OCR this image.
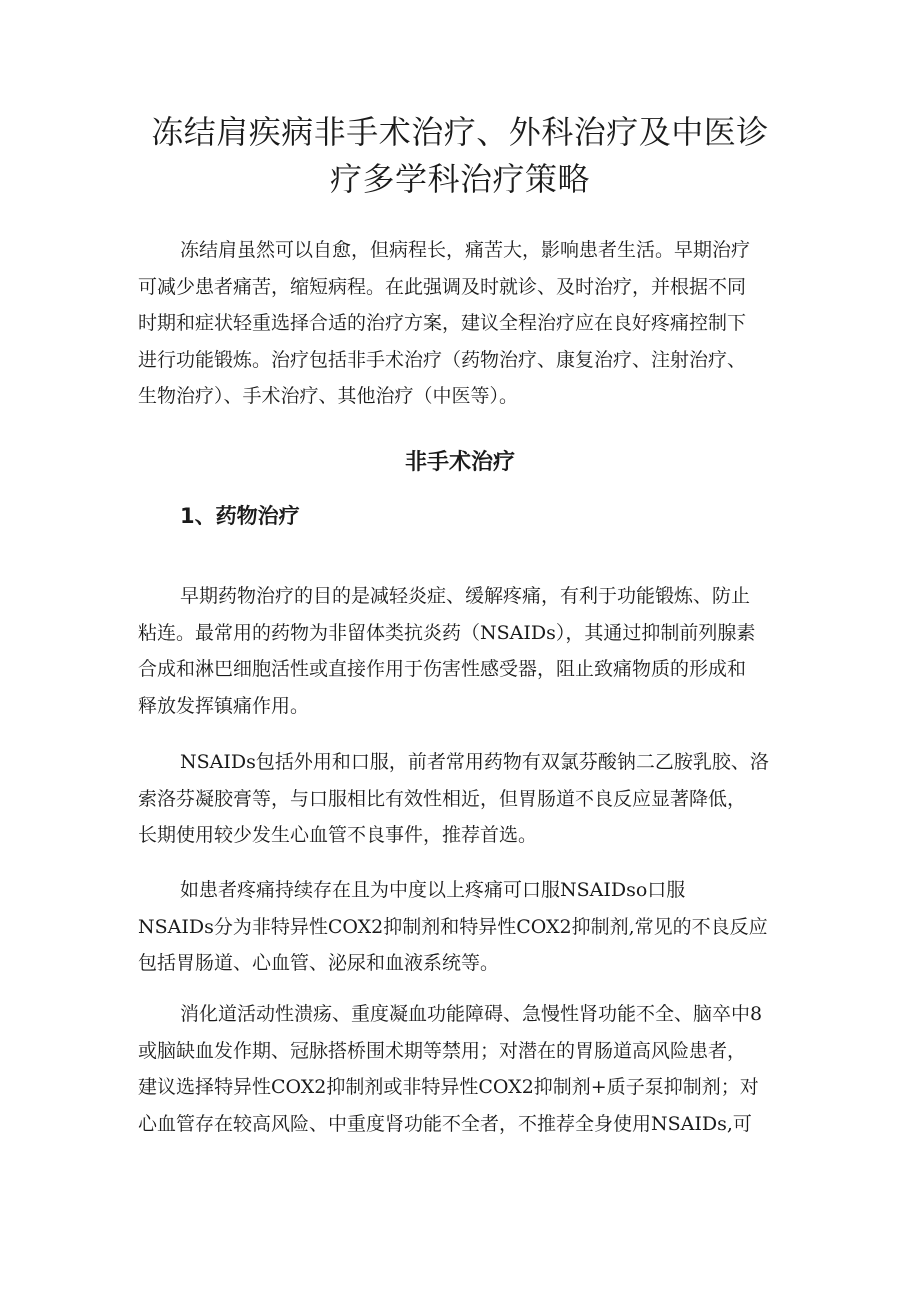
冻结肩疾病非手术治疗、外科治疗及中医诊
疗多学科治疗策略

冻结肩虽然可以自愈，但病程长，痛苦大，影响患者生活。早期治疗
可减少患者痛苦，缩短病程。在此强调及时就诊、及时治疗，并根据不同
时期和症状轻重选择合适的治疗方案，建议全程治疗应在良好疼痛控制下
进行功能锻炼。治疗包括非手术治疗（药物治疗、康复治疗、注射治疗、
生物治疗）、手术治疗、其他治疗（中医等）。

非手术治疗
1、药物治疗

早期药物治疗的目的是减轻炎症、缓解疼痛，有利于功能锻炼、防止
粘连。最常用的药物为非留体类抗炎药（NSAIDs），其通过抑制前列腺素
合成和淋巴细胞活性或直接作用于伤害性感受器，阻止致痛物质的形成和
释放发挥镇痛作用。

NSAIDs包括外用和口服，前者常用药物有双氯芬酸钠二乙胺乳胶、洛
索洛芬凝胶膏等，与口服相比有效性相近，但胃肠道不良反应显著降低，
长期使用较少发生心血管不良事件，推荐首选。

如患者疼痛持续存在且为中度以上疼痛可口服NSAIDso口服
NSAIDs分为非特异性COX2抑制剂和特异性COX2抑制剂,常见的不良反应
包括胃肠道、心血管、泌尿和血液系统等。

消化道活动性溃疡、重度凝血功能障碍、急慢性肾功能不全、脑卒中8
或脑缺血发作期、冠脉搭桥围术期等禁用；对潜在的胃肠道高风险患者，
建议选择特异性COX2抑制剂或非特异性COX2抑制剂+质子泵抑制剂；对
心血管存在较高风险、中重度肾功能不全者，不推荐全身使用NSAIDs,可
